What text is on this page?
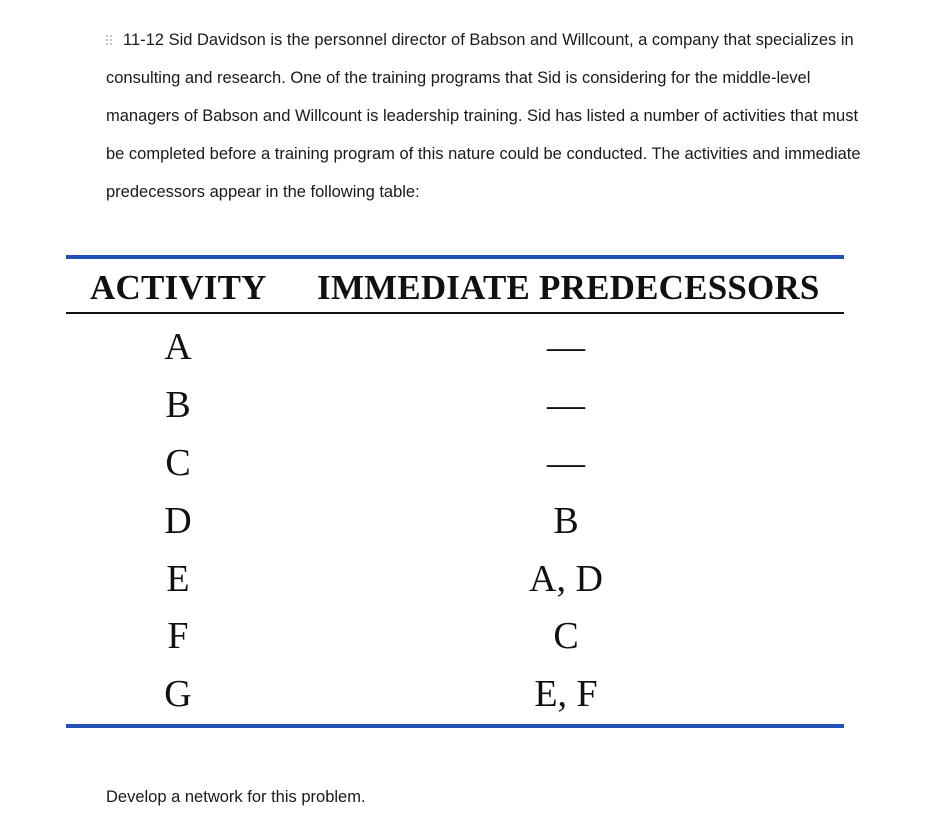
11-12 Sid Davidson is the personnel director of Babson and Willcount, a company that specializes in consulting and research. One of the training programs that Sid is considering for the middle-level managers of Babson and Willcount is leadership training. Sid has listed a number of activities that must be completed before a training program of this nature could be conducted. The activities and immediate predecessors appear in the following table:

ACTIVITY IMMEDIATE PREDECESSORS
A	—
B	—
C	—
D	B
E	A, D
F	C
G	E, F

Develop a network for this problem.
